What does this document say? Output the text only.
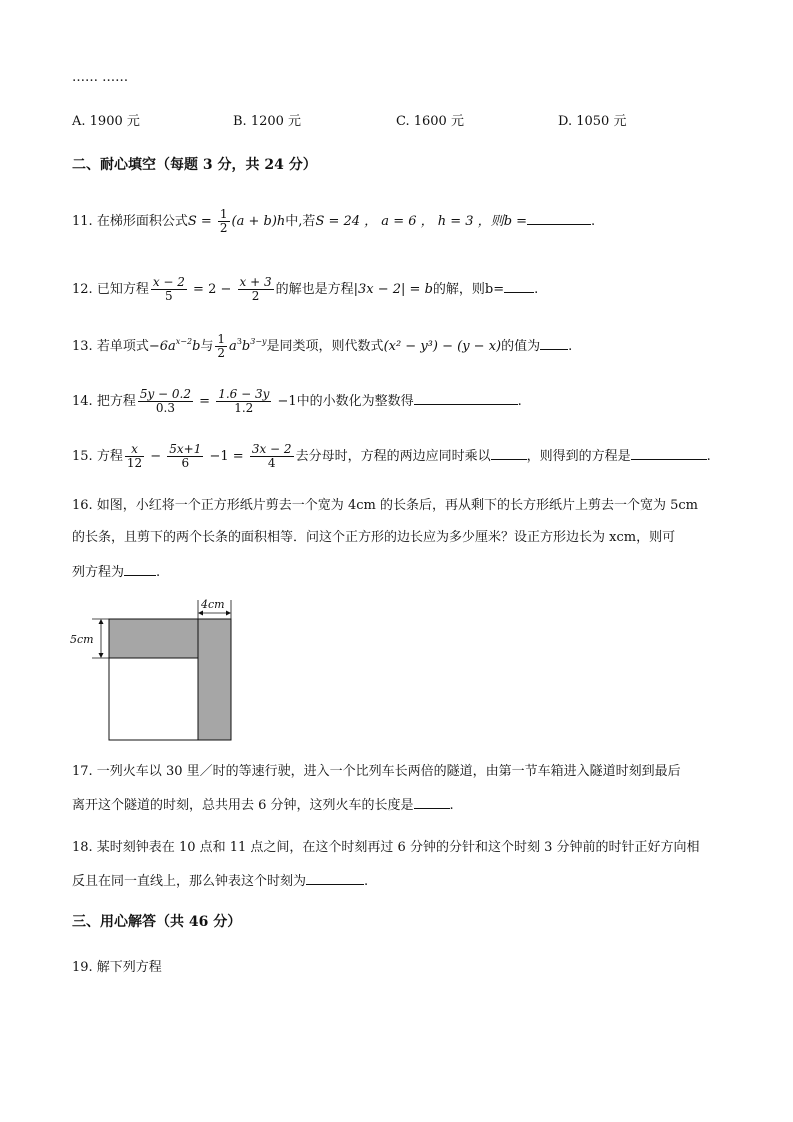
…… ……
A. 1900 元	B. 1200 元	C. 1600 元	D. 1050 元
二、耐心填空（每题 3 分，共 24 分）
11. 在梯形面积公式$S = \frac{1}{2} (a + b)h$中,若S = 24 ， a = 6 ， h = 3 ，则b =	.
12. 已知方程 $\frac{x - 2}{5} = 2 - \frac{x + 3}{2}$ 的解也是方程|3x − 2| = b的解，则b= .
13. 若单项式$-6a^{x-2}b$与 $\frac{1}{2} a^3b^{3-y}$是同类项，则代数式(x² − y³) − (y − x)的值为 .
14. 把方程 $\frac{5y - 0.2}{0.3} = \frac{1.6 - 3y}{1.2} -1$中的小数化为整数得	.
15. 方程 $\frac{x}{12} - \frac{5x+1}{6} -1 = \frac{3x - 2}{4}$ 去分母时，方程的两边应同时乘以	，则得到的方程是	.
16. 如图，小红将一个正方形纸片剪去一个宽为 4cm 的长条后，再从剩下的长方形纸片上剪去一个宽为 5cm
的长条，且剪下的两个长条的面积相等．问这个正方形的边长应为多少厘米？设正方形边长为 xcm，则可
列方程为 .
4cm
5cm
17. 一列火车以 30 里／时的等速行驶，进入一个比列车长两倍的隧道，由第一节车箱进入隧道时刻到最后
离开这个隧道的时刻，总共用去 6 分钟，这列火车的长度是	.
18. 某时刻钟表在 10 点和 11 点之间，在这个时刻再过 6 分钟的分针和这个时刻 3 分钟前的时针正好方向相
反且在同一直线上，那么钟表这个时刻为	.
三、用心解答（共 46 分）
19. 解下列方程
